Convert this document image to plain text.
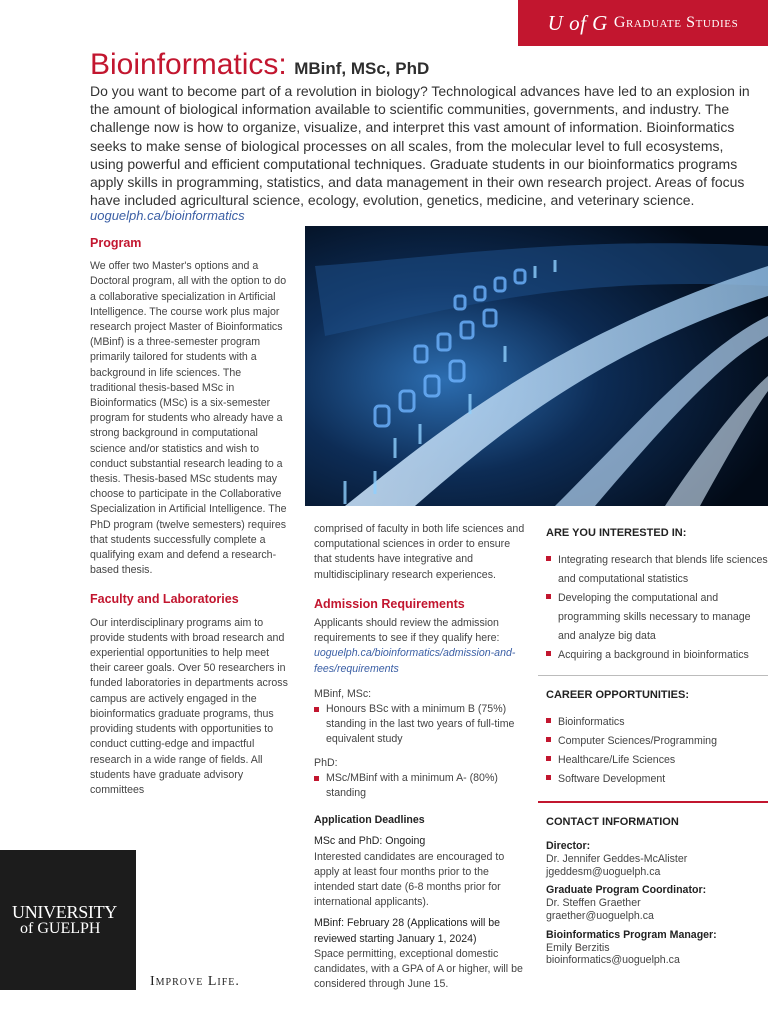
U of G Graduate Studies
Bioinformatics: MBinf, MSc, PhD
Do you want to become part of a revolution in biology? Technological advances have led to an explosion in the amount of biological information available to scientific communities, governments, and industry. The challenge now is how to organize, visualize, and interpret this vast amount of information. Bioinformatics seeks to make sense of biological processes on all scales, from the molecular level to full ecosystems, using powerful and efficient computational techniques. Graduate students in our bioinformatics programs apply skills in programming, statistics, and data management in their own research project. Areas of focus have included agricultural science, ecology, evolution, genetics, medicine, and veterinary science.
uoguelph.ca/bioinformatics
Program

We offer two Master's options and a Doctoral program, all with the option to do a collaborative specialization in Artificial Intelligence. The course work plus major research project Master of Bioinformatics (MBinf) is a three-semester program primarily tailored for students with a background in life sciences. The traditional thesis-based MSc in Bioinformatics (MSc) is a six-semester program for students who already have a strong background in computational science and/or statistics and wish to conduct substantial research leading to a thesis. Thesis-based MSc students may choose to participate in the Collaborative Specialization in Artificial Intelligence. The PhD program (twelve semesters) requires that students successfully complete a qualifying exam and defend a research-based thesis.

Faculty and Laboratories

Our interdisciplinary programs aim to provide students with broad research and experiential opportunities to help meet their career goals. Over 50 researchers in funded laboratories in departments across campus are actively engaged in the bioinformatics graduate programs, thus providing students with opportunities to conduct cutting-edge and impactful research in a wide range of fields. All students have graduate advisory committees

comprised of faculty in both life sciences and computational sciences in order to ensure that students have integrative and multidisciplinary research experiences.

Admission Requirements

Applicants should review the admission requirements to see if they qualify here:

uoguelph.ca/bioinformatics/admission-and-fees/requirements

MBinf, MSc:

Honours BSc with a minimum B (75%) standing in the last two years of full-time equivalent study

PhD:

MSc/MBinf with a minimum A- (80%) standing

Application Deadlines

MSc and PhD: Ongoing

Interested candidates are encouraged to apply at least four months prior to the intended start date (6-8 months prior for international applicants).

MBinf: February 28 (Applications will be reviewed starting January 1, 2024)

Space permitting, exceptional domestic candidates, with a GPA of A or higher, will be considered through June 15.

ARE YOU INTERESTED IN:
Integrating research that blends life sciences and computational statistics
Developing the computational and programming skills necessary to manage and analyze big data
Acquiring a background in bioinformatics
CAREER OPPORTUNITIES:
Bioinformatics
Computer Sciences/Programming
Healthcare/Life Sciences
Software Development
CONTACT INFORMATION
Director:
Dr. Jennifer Geddes-McAlister
jgeddesm@uoguelph.ca
Graduate Program Coordinator:
Dr. Steffen Graether
graether@uoguelph.ca
Bioinformatics Program Manager:
Emily Berzitis
bioinformatics@uoguelph.ca
UNIVERSITY
of GUELPH
Improve Life.
